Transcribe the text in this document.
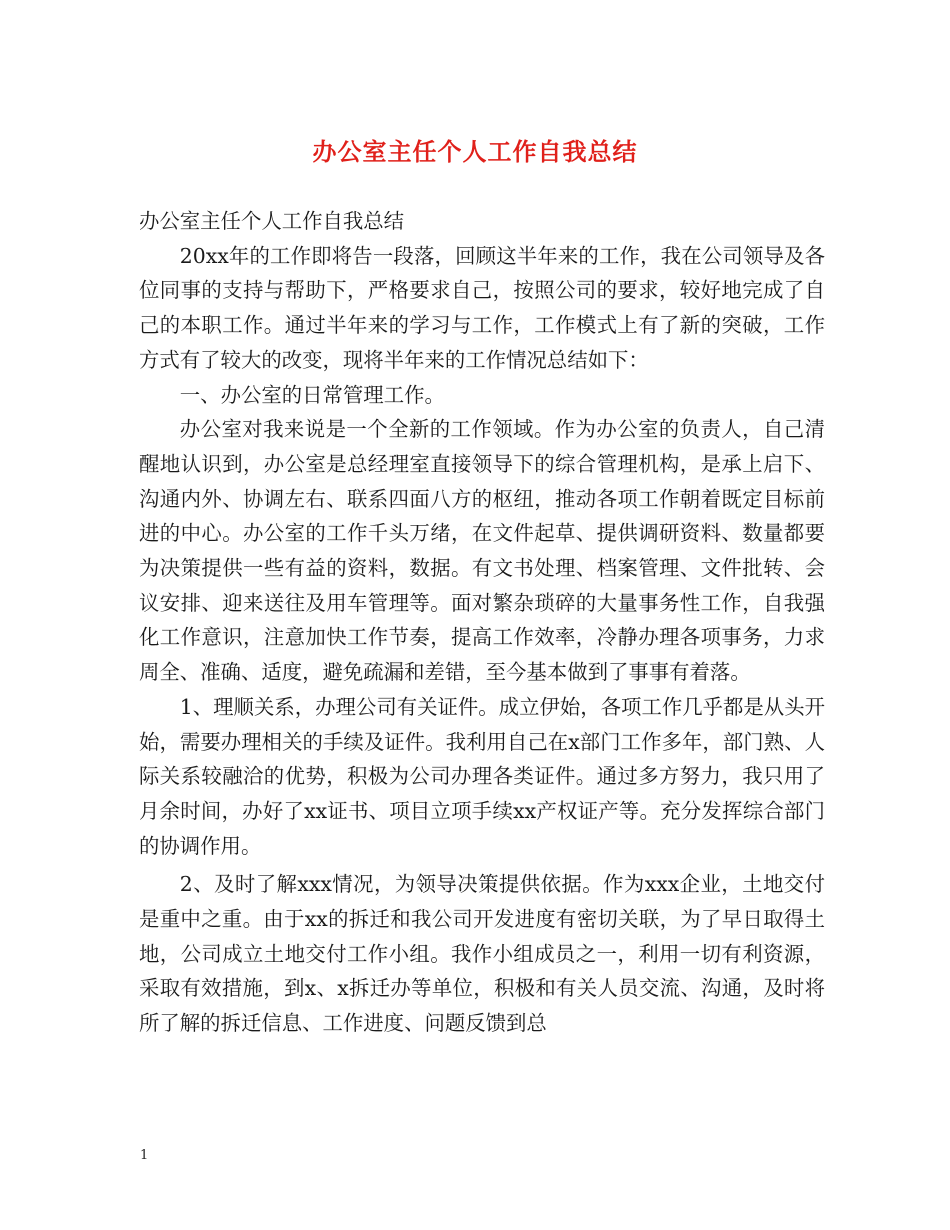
办公室主任个人工作自我总结

办公室主任个人工作自我总结

20xx年的工作即将告一段落，回顾这半年来的工作，我在公司领导及各位同事的支持与帮助下，严格要求自己，按照公司的要求，较好地完成了自己的本职工作。通过半年来的学习与工作，工作模式上有了新的突破，工作方式有了较大的改变，现将半年来的工作情况总结如下：

一、办公室的日常管理工作。

办公室对我来说是一个全新的工作领域。作为办公室的负责人，自己清醒地认识到，办公室是总经理室直接领导下的综合管理机构，是承上启下、沟通内外、协调左右、联系四面八方的枢纽，推动各项工作朝着既定目标前进的中心。办公室的工作千头万绪，在文件起草、提供调研资料、数量都要为决策提供一些有益的资料，数据。有文书处理、档案管理、文件批转、会议安排、迎来送往及用车管理等。面对繁杂琐碎的大量事务性工作，自我强化工作意识，注意加快工作节奏，提高工作效率，冷静办理各项事务，力求周全、准确、适度，避免疏漏和差错，至今基本做到了事事有着落。

1、理顺关系，办理公司有关证件。成立伊始，各项工作几乎都是从头开始，需要办理相关的手续及证件。我利用自己在x部门工作多年，部门熟、人际关系较融洽的优势，积极为公司办理各类证件。通过多方努力，我只用了月余时间，办好了xx证书、项目立项手续xx产权证产等。充分发挥综合部门的协调作用。

2、及时了解xxx情况，为领导决策提供依据。作为xxx企业，土地交付是重中之重。由于xx的拆迁和我公司开发进度有密切关联，为了早日取得土地，公司成立土地交付工作小组。我作小组成员之一，利用一切有利资源，采取有效措施，到x、x拆迁办等单位，积极和有关人员交流、沟通，及时将所了解的拆迁信息、工作进度、问题反馈到总

1
